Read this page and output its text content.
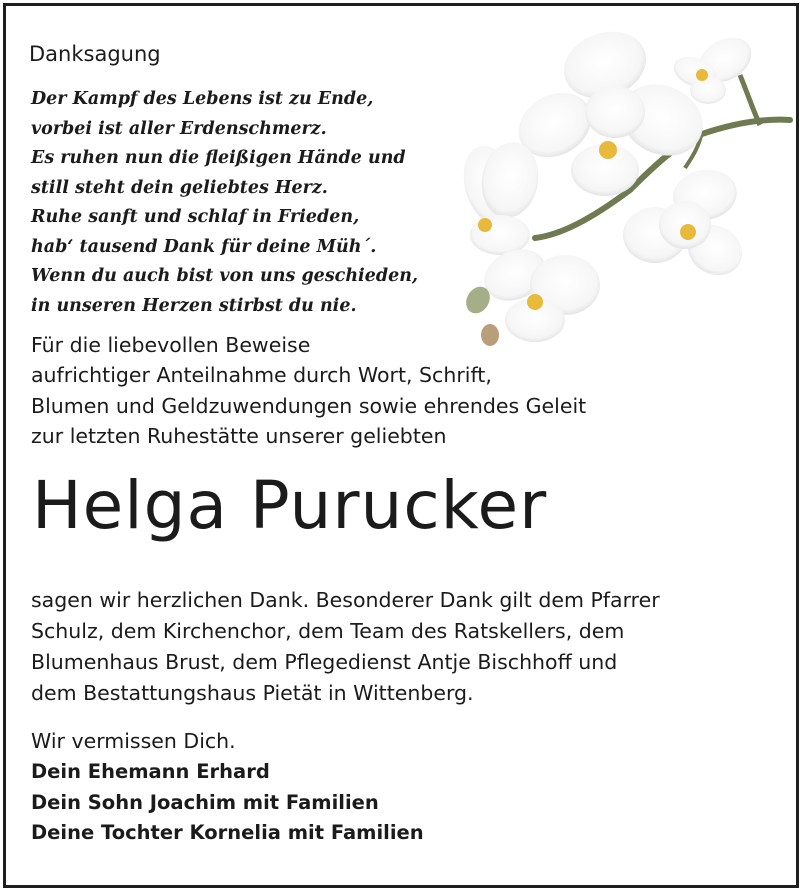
Danksagung
Der Kampf des Lebens ist zu Ende,
vorbei ist aller Erdenschmerz.
Es ruhen nun die fleißigen Hände und
still steht dein geliebtes Herz.
Ruhe sanft und schlaf in Frieden,
hab‘ tausend Dank für deine Müh´.
Wenn du auch bist von uns geschieden,
in unseren Herzen stirbst du nie.
Für die liebevollen Beweise
aufrichtiger Anteilnahme durch Wort, Schrift,
Blumen und Geldzuwendungen sowie ehrendes Geleit
zur letzten Ruhestätte unserer geliebten
Helga Purucker
sagen wir herzlichen Dank. Besonderer Dank gilt dem Pfarrer
Schulz, dem Kirchenchor, dem Team des Ratskellers, dem
Blumenhaus Brust, dem Pflegedienst Antje Bischhoff und
dem Bestattungshaus Pietät in Wittenberg.
Wir vermissen Dich.
Dein Ehemann Erhard
Dein Sohn Joachim mit Familien
Deine Tochter Kornelia mit Familien
